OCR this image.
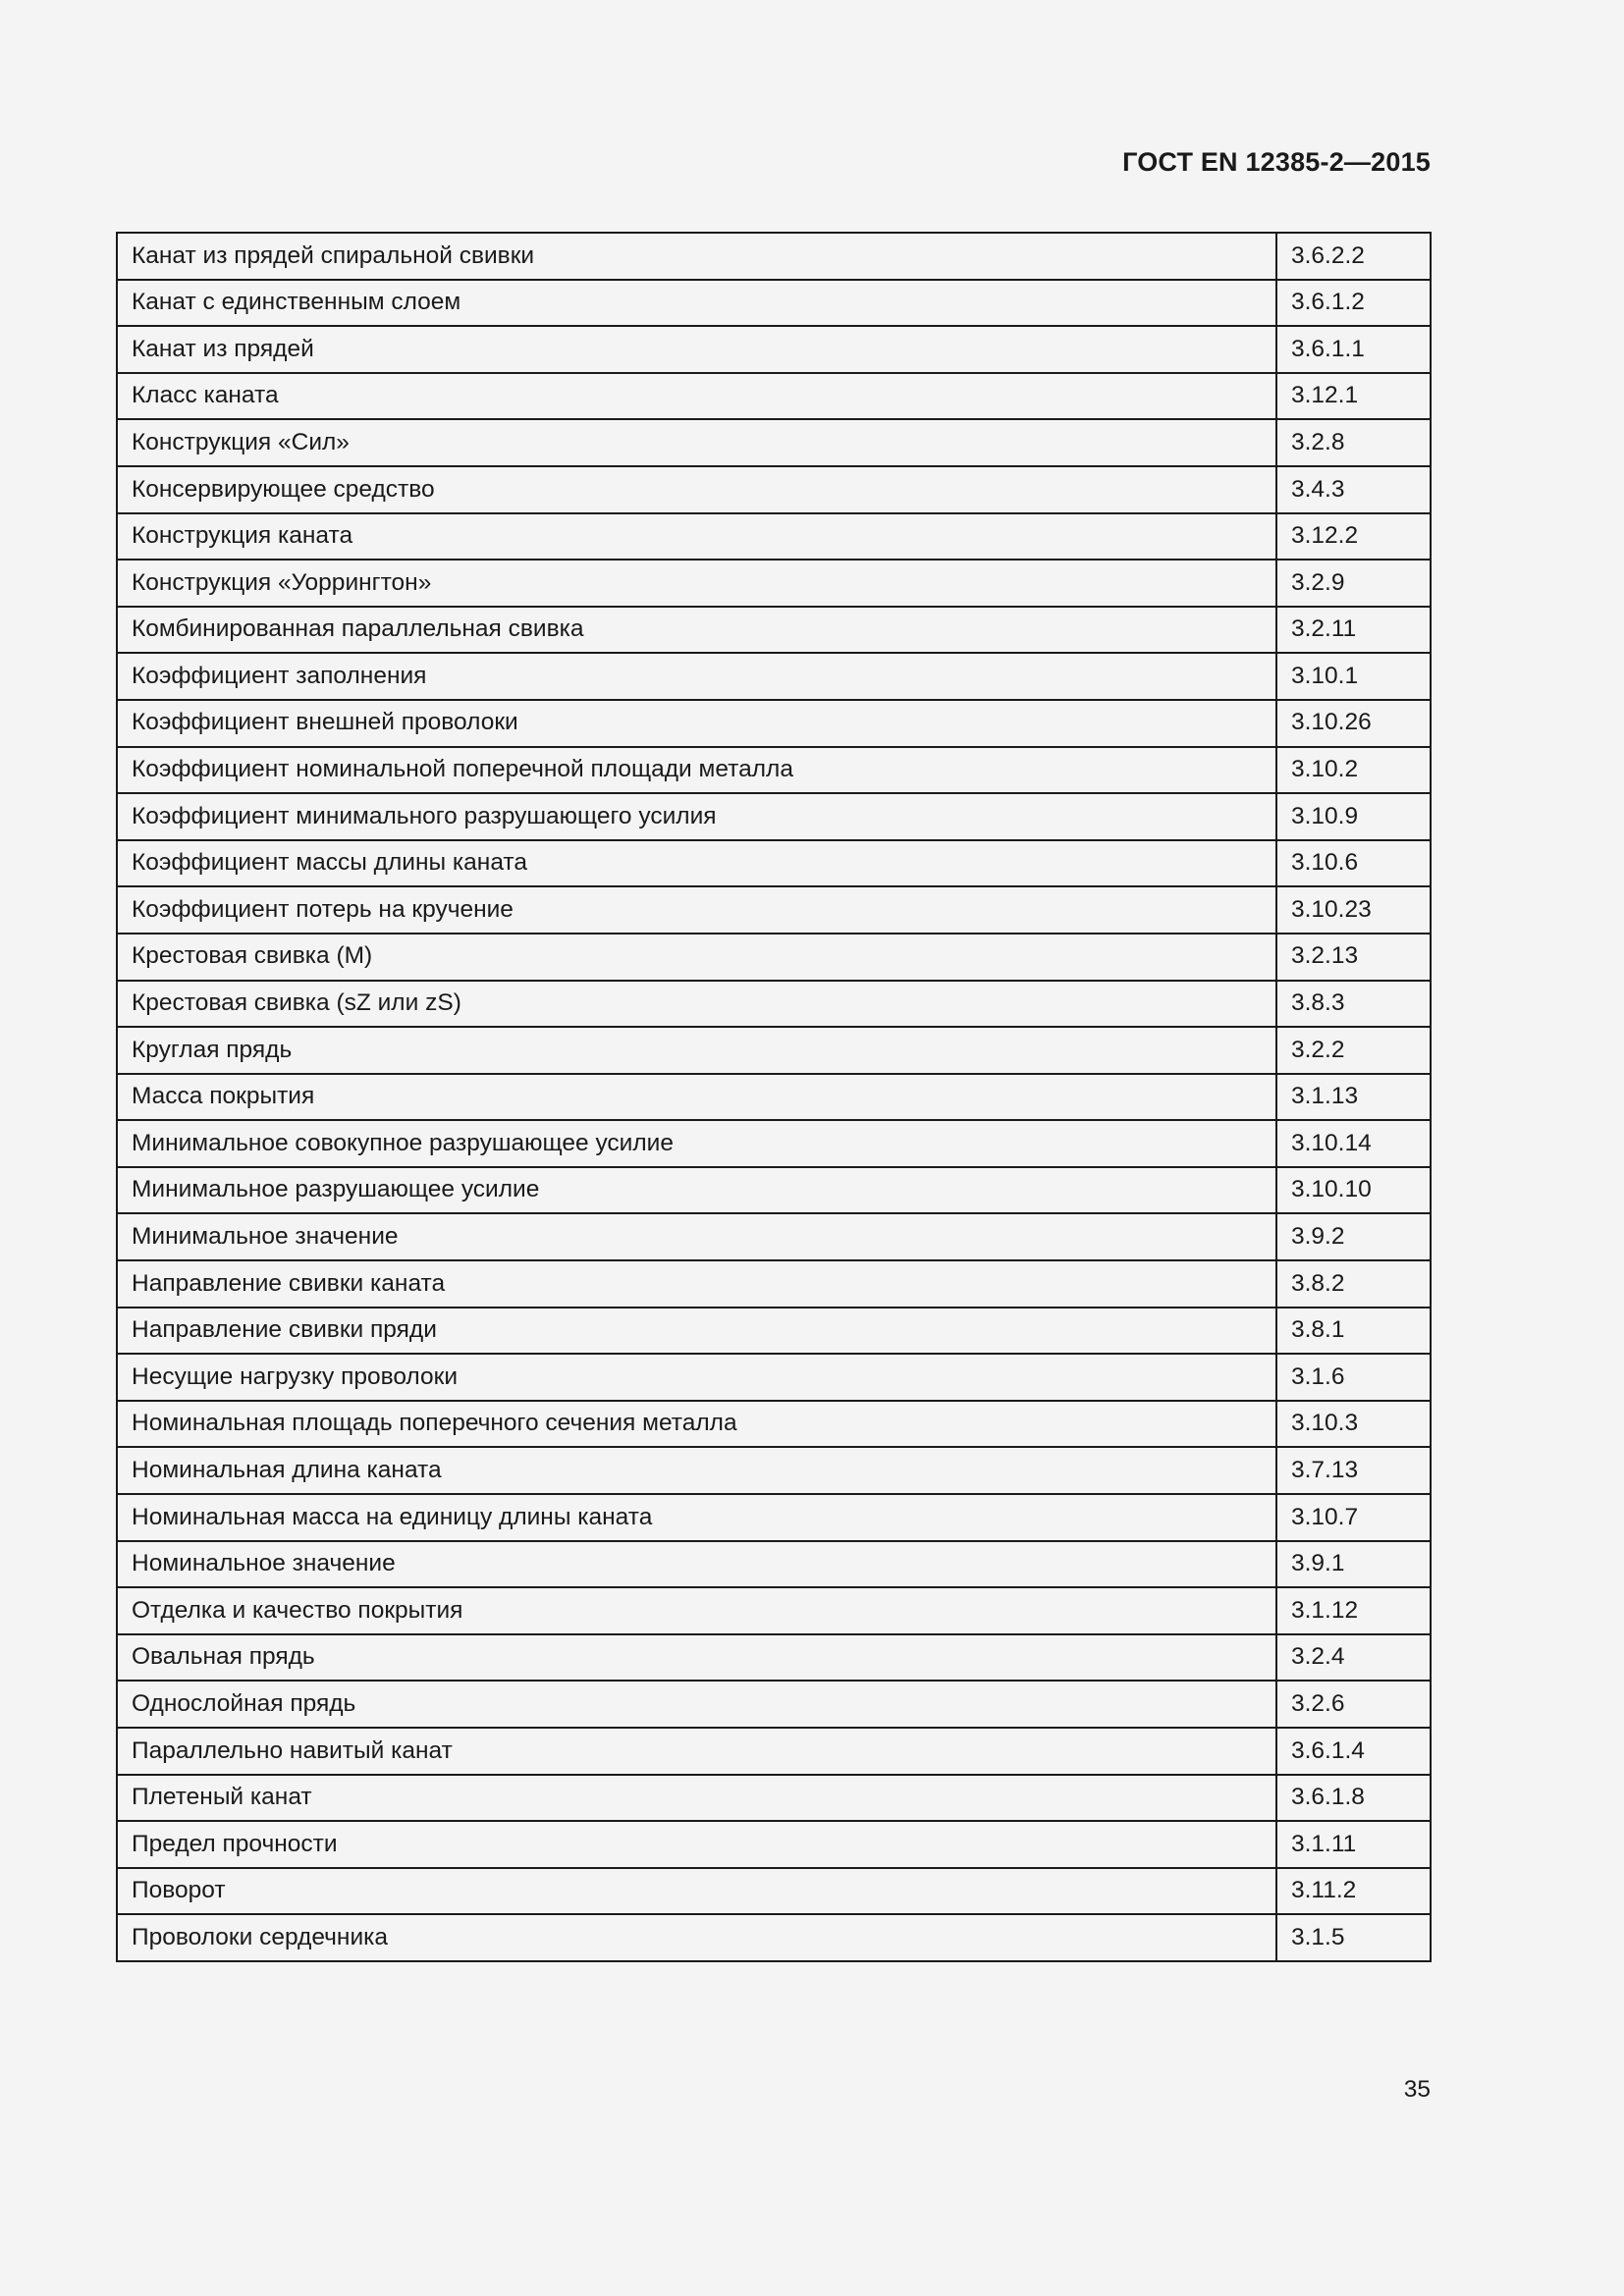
ГОСТ EN 12385-2—2015
Канат из прядей спиральной свивки	3.6.2.2
Канат с единственным слоем	3.6.1.2
Канат из прядей	3.6.1.1
Класс каната	3.12.1
Конструкция «Сил»	3.2.8
Консервирующее средство	3.4.3
Конструкция каната	3.12.2
Конструкция «Уоррингтон»	3.2.9
Комбинированная параллельная свивка	3.2.11
Коэффициент заполнения	3.10.1
Коэффициент внешней проволоки	3.10.26
Коэффициент номинальной поперечной площади металла	3.10.2
Коэффициент минимального разрушающего усилия	3.10.9
Коэффициент массы длины каната	3.10.6
Коэффициент потерь на кручение	3.10.23
Крестовая свивка (М)	3.2.13
Крестовая свивка (sZ или zS)	3.8.3
Круглая прядь	3.2.2
Масса покрытия	3.1.13
Минимальное совокупное разрушающее усилие	3.10.14
Минимальное разрушающее усилие	3.10.10
Минимальное значение	3.9.2
Направление свивки каната	3.8.2
Направление свивки пряди	3.8.1
Несущие нагрузку проволоки	3.1.6
Номинальная площадь поперечного сечения металла	3.10.3
Номинальная длина каната	3.7.13
Номинальная масса на единицу длины каната	3.10.7
Номинальное значение	3.9.1
Отделка и качество покрытия	3.1.12
Овальная прядь	3.2.4
Однослойная прядь	3.2.6
Параллельно навитый канат	3.6.1.4
Плетеный канат	3.6.1.8
Предел прочности	3.1.11
Поворот	3.11.2
Проволоки сердечника	3.1.5
35
